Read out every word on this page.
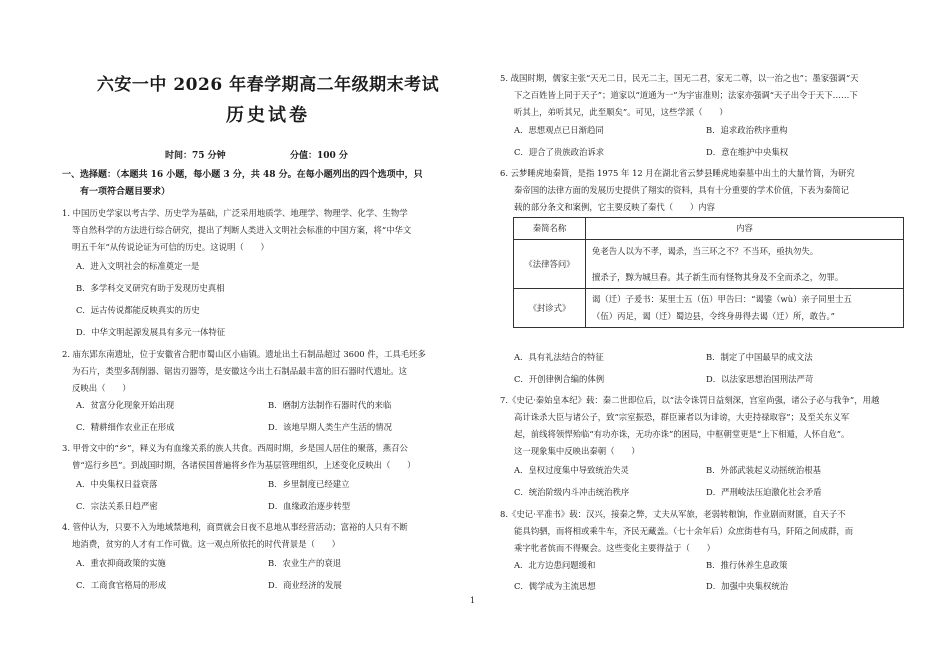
六安一中 2026 年春学期高二年级期末考试
历史试卷
时间：75 分钟	分值：100 分
一、选择题：（本题共 16 小题，每小题 3 分，共 48 分。在每小题列出的四个选项中，只
有一项符合题目要求）
1. 中国历史学家以考古学、历史学为基础，广泛采用地质学、地理学、物理学、化学、生物学
等自然科学的方法进行综合研究，提出了判断人类进入文明社会标准的中国方案，将“中华文
明五千年”从传说论证为可信的历史。这说明（　　）
A．进入文明社会的标准奠定一是
B．多学科交叉研究有助于发现历史真相
C．远古传说都能反映真实的历史
D．中华文明起源发展具有多元一体特征
2. 庙东郢东南遗址，位于安徽省合肥市蜀山区小庙镇。遗址出土石制品超过 3600 件，工具毛坯多
为石片，类型多刮削器、锯齿刃器等，是安徽这今出土石制品最丰富的旧石器时代遗址。这
反映出（　　）
A．贫富分化现象开始出现	B．磨制方法制作石器时代的来临
C．精耕细作农业正在形成	D．该地早期人类生产生活的情况
3. 甲骨文中的“乡”，释义为有血缘关系的族人共食。西周时期，乡是国人居住的聚落，燕召公
曾“巡行乡邑”。到战国时期，各诸侯国普遍将乡作为基层管理组织，上述变化反映出（　　）
A．中央集权日益衰落	B．乡里制度已经建立
C．宗法关系日趋严密	D．血缘政治逐步转型
4. 管仲认为，只要不入为地域禁地利，商贾就会日夜不息地从事经营活动；富裕的人只有不断
地消费，贫穷的人才有工作可做。这一观点所依托的时代背景是（　　）
A．重农抑商政策的实施	B．农业生产的衰退
C．工商食官格局的形成	D．商业经济的发展
5. 战国时期，儒家主张“天无二日，民无二主，国无二君，家无二尊，以一治之也”；墨家强调“天
下之百姓皆上同于天子”；道家以“道通为一”为宇宙准则；法家亦强调“天子出令于天下……下
听其上，弟听其兄，此至顺矣”。可见，这些学派（　　）
A．思想观点已日渐趋同	B．追求政治秩序重构
C．迎合了贵族政治诉求	D．意在维护中央集权
6. 云梦睡虎地秦简，是指 1975 年 12 月在湖北省云梦县睡虎地秦墓中出土的大量竹简，为研究
秦帝国的法律方面的发展历史提供了翔实的资料，具有十分重要的学术价值，下表为秦简记
载的部分条文和案例，它主要反映了秦代（　　）内容
秦简名称	内容
《法律答问》	免老告人以为不孝，谒杀，当三环之不？不当环，亟执勿失。
擅杀子，黥为城旦舂。其子新生而有怪物其身及不全而杀之，勿罪。

《封诊式》	谒（迁）子爰书：某里士五（伍）甲告曰：“谒鋈（wù）亲子同里士五
（伍）丙足，谒（迁）蜀边县，令终身毋得去谒（迁）所，敢告。”
A．具有礼法结合的特征	B．制定了中国最早的成文法
C．开创律例合编的体例	D．以法家思想治国刑法严苛
7.《史记·秦始皇本纪》载：秦二世即位后，以“法令诛罚日益刻深，宫室尚强，诸公子必与我争”，用越
高计诛杀大臣与诸公子，致“宗室振恐，群臣谏者以为诽谤，大吏持禄取容”；及至关东义军
起，前线将领悍殆临“有功亦诛，无功亦诛”的困局，中枢朝堂更是“上下相遁，人怀自危”。
这一现象集中反映出秦朝（　　）
A．皇权过度集中导致统治失灵	B．外部武装起义动摇统治根基
C．统治阶级内斗冲击统治秩序	D．严刑峻法压迫激化社会矛盾
8.《史记·平准书》载：汉兴，接秦之弊，丈夫从军旅，老弱转粮饷，作业剧而财匮，自天子不
能具钧驷，而将相或乘牛车，齐民无藏盖。（七十余年后）众庶街巷有马，阡陌之间成群，而
乘字牝者傧而不得聚会。这些变化主要得益于（　　）
A．北方边患问题缓和	B．推行休养生息政策
C．儒学成为主流思想	D．加强中央集权统治
1
